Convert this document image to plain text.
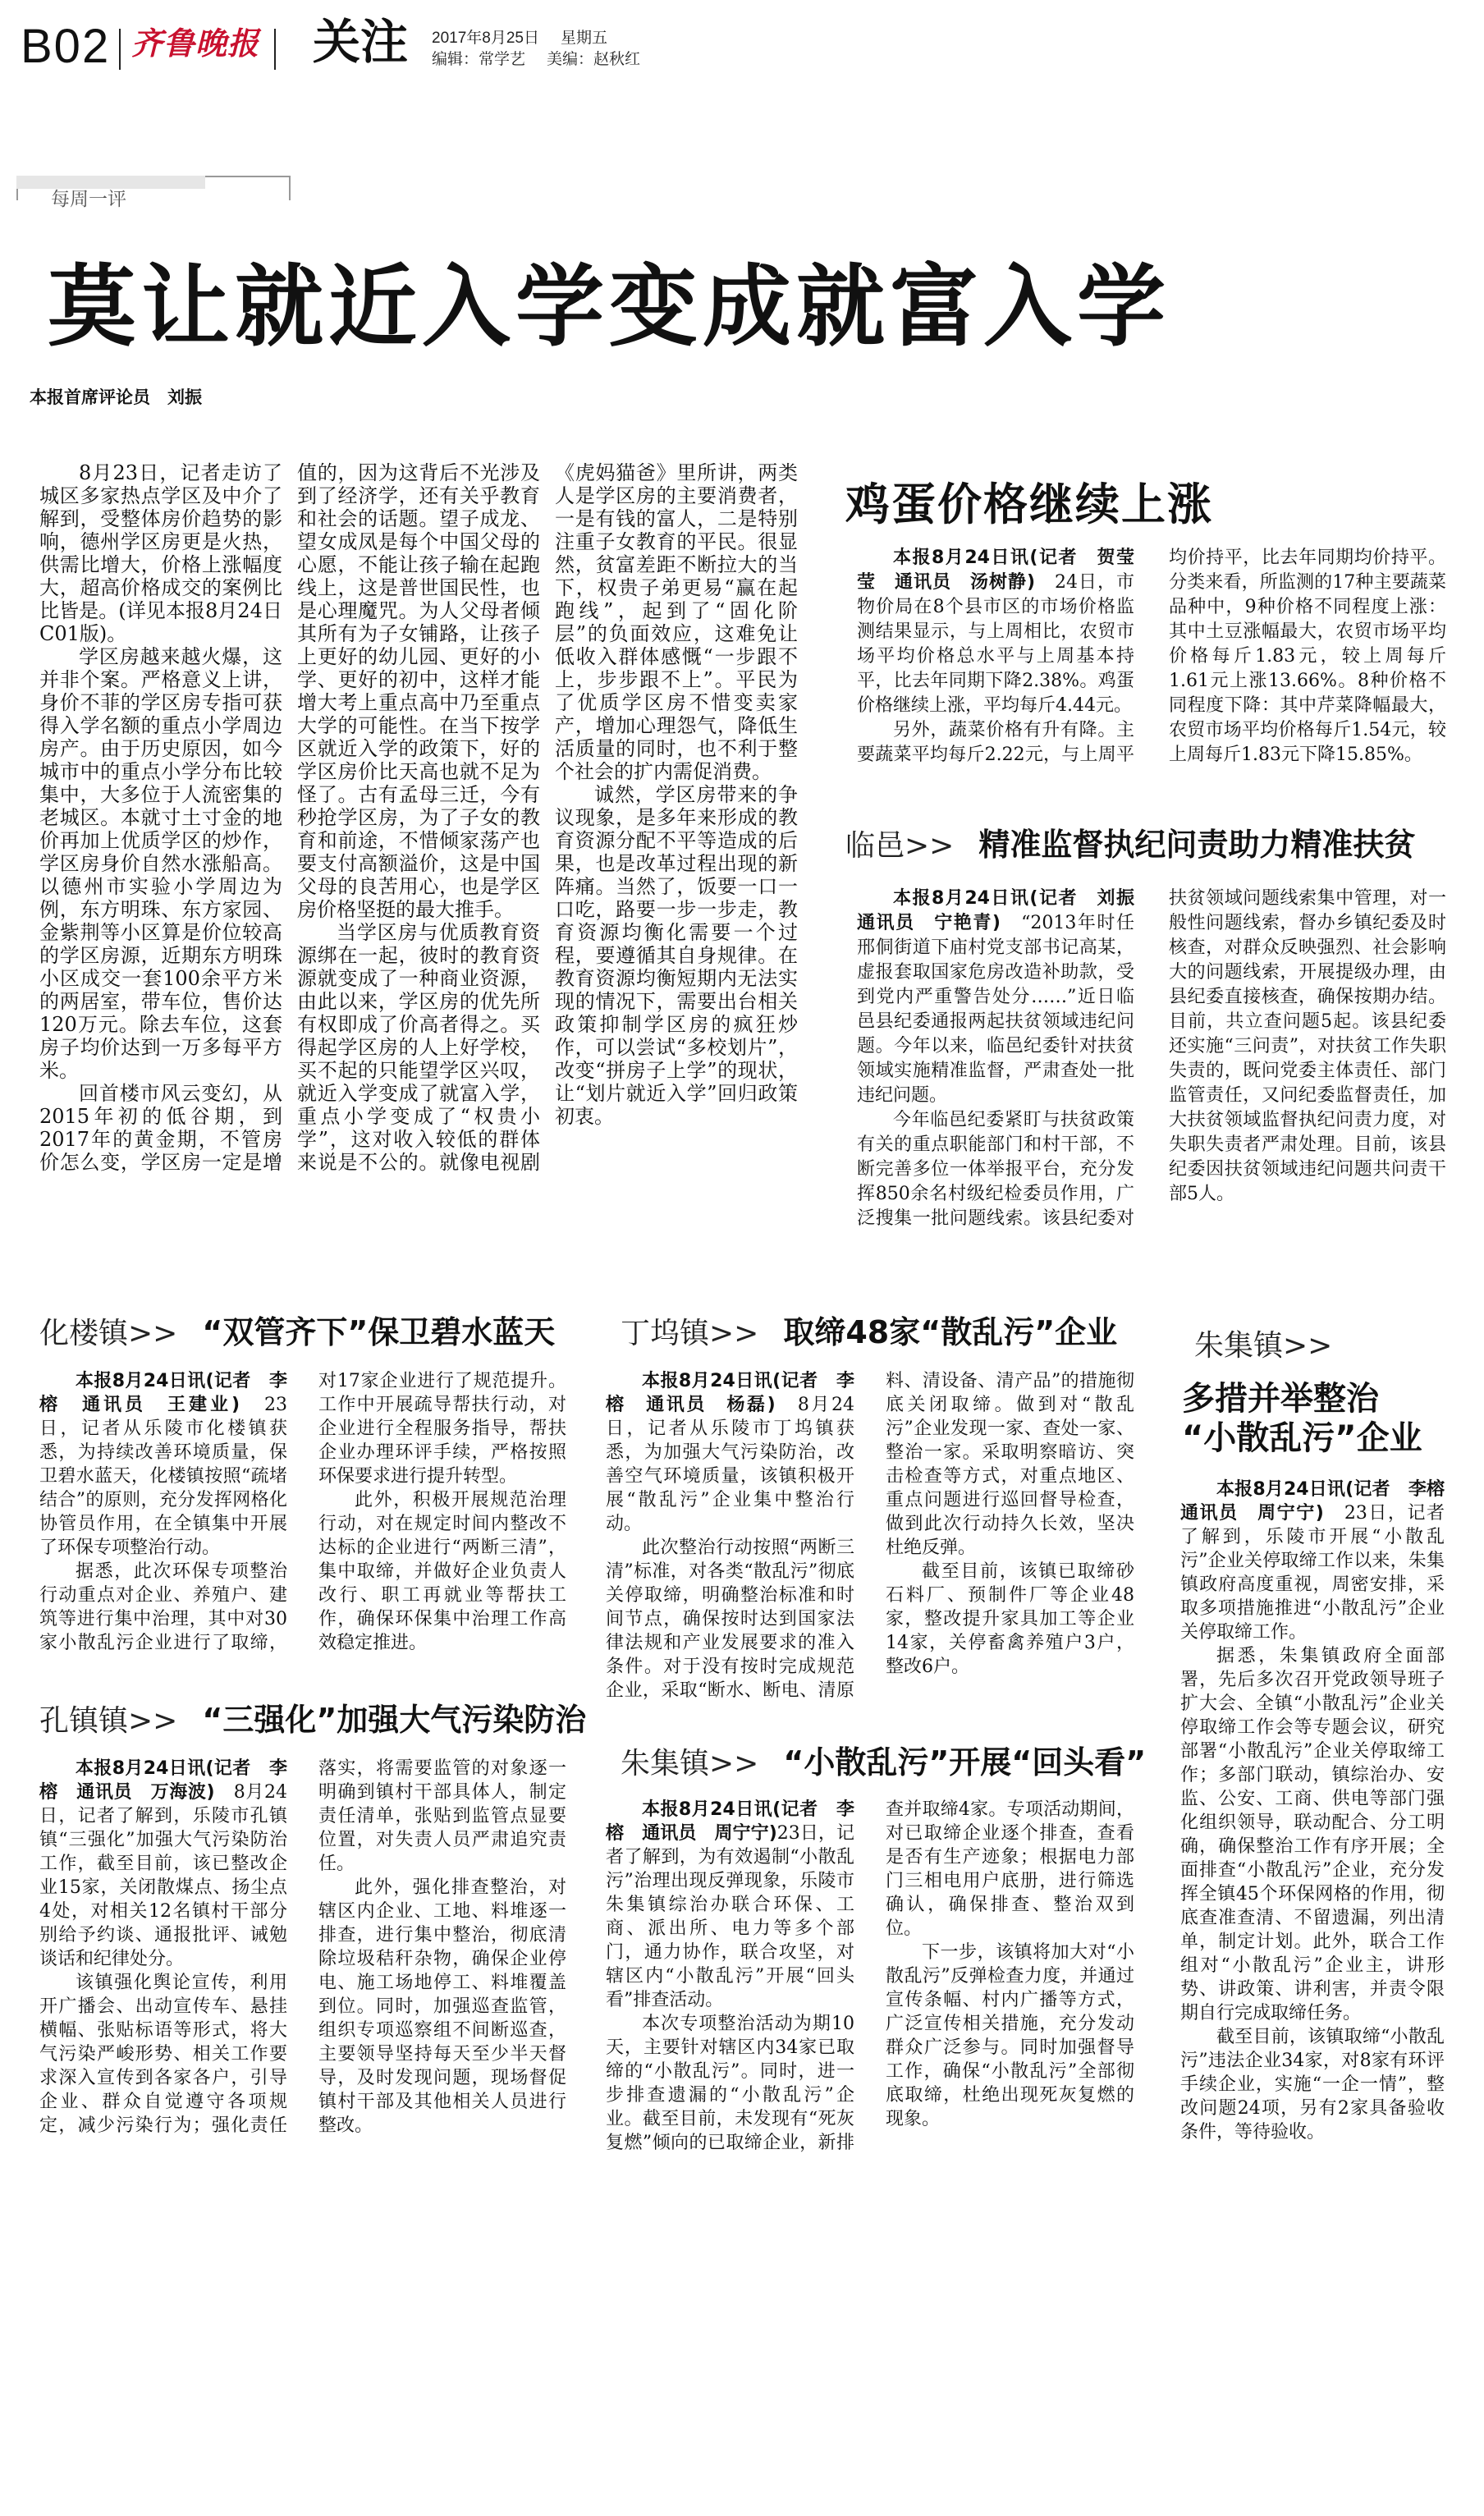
B02 齐鲁晚报 关注 2017年8月25日 星期五
编辑：常学艺 美编：赵秋红
每周一评
莫让就近入学变成就富入学
本报首席评论员　刘振

8月23日，记者走访了城区多家热点学区及中介了解到，受整体房价趋势的影响，德州学区房更是火热，供需比增大，价格上涨幅度大，超高价格成交的案例比比皆是。(详见本报8月24日C01版)。

学区房越来越火爆，这并非个案。严格意义上讲，身价不菲的学区房专指可获得入学名额的重点小学周边房产。由于历史原因，如今城市中的重点小学分布比较集中，大多位于人流密集的老城区。本就寸土寸金的地价再加上优质学区的炒作，学区房身价自然水涨船高。以德州市实验小学周边为例，东方明珠、东方家园、金紫荆等小区算是价位较高的学区房源，近期东方明珠小区成交一套100余平方米的两居室，带车位，售价达120万元。除去车位，这套房子均价达到一万多每平方米。

回首楼市风云变幻，从2015年初的低谷期，到2017年的黄金期，不管房价怎么变，学区房一定是增值的，因为这背后不光涉及到了经济学，还有关乎教育和社会的话题。望子成龙、望女成凤是每个中国父母的心愿，不能让孩子输在起跑线上，这是普世国民性，也是心理魔咒。为人父母者倾其所有为子女铺路，让孩子上更好的幼儿园、更好的小学、更好的初中，这样才能增大考上重点高中乃至重点大学的可能性。在当下按学区就近入学的政策下，好的学区房价比天高也就不足为怪了。古有孟母三迁，今有秒抢学区房，为了子女的教育和前途，不惜倾家荡产也要支付高额溢价，这是中国父母的良苦用心，也是学区房价格坚挺的最大推手。

当学区房与优质教育资源绑在一起，彼时的教育资源就变成了一种商业资源，由此以来，学区房的优先所有权即成了价高者得之。买得起学区房的人上好学校，买不起的只能望学区兴叹，就近入学变成了就富入学，重点小学变成了“权贵小学”，这对收入较低的群体来说是不公的。就像电视剧《虎妈猫爸》里所讲，两类人是学区房的主要消费者，一是有钱的富人，二是特别注重子女教育的平民。很显然，贫富差距不断拉大的当下，权贵子弟更易“赢在起跑线”，起到了“固化阶层”的负面效应，这难免让低收入群体感慨“一步跟不上，步步跟不上”。平民为了优质学区房不惜变卖家产，增加心理怨气，降低生活质量的同时，也不利于整个社会的扩内需促消费。

诚然，学区房带来的争议现象，是多年来形成的教育资源分配不平等造成的后果，也是改革过程出现的新阵痛。当然了，饭要一口一口吃，路要一步一步走，教育资源均衡化需要一个过程，要遵循其自身规律。在教育资源均衡短期内无法实现的情况下，需要出台相关政策抑制学区房的疯狂炒作，可以尝试“多校划片”，改变“拼房子上学”的现状，让“划片就近入学”回归政策初衷。

鸡蛋价格继续上涨

本报8月24日讯(记者　贺莹莹　通讯员　汤树静)　24日，市物价局在8个县市区的市场价格监测结果显示，与上周相比，农贸市场平均价格总水平与上周基本持平，比去年同期下降2.38%。鸡蛋价格继续上涨，平均每斤4.44元。

另外，蔬菜价格有升有降。主要蔬菜平均每斤2.22元，与上周平均价持平，比去年同期均价持平。分类来看，所监测的17种主要蔬菜品种中，9种价格不同程度上涨：其中土豆涨幅最大，农贸市场平均价格每斤1.83元，较上周每斤1.61元上涨13.66%。8种价格不同程度下降：其中芹菜降幅最大，农贸市场平均价格每斤1.54元，较上周每斤1.83元下降15.85%。

临邑>> 精准监督执纪问责助力精准扶贫

本报8月24日讯(记者　刘振　通讯员　宁艳青)　“2013年时任邢侗街道下庙村党支部书记高某，虚报套取国家危房改造补助款，受到党内严重警告处分……”近日临邑县纪委通报两起扶贫领域违纪问题。今年以来，临邑纪委针对扶贫领域实施精准监督，严肃查处一批违纪问题。

今年临邑纪委紧盯与扶贫政策有关的重点职能部门和村干部，不断完善多位一体举报平台，充分发挥850余名村级纪检委员作用，广泛搜集一批问题线索。该县纪委对扶贫领域问题线索集中管理，对一般性问题线索，督办乡镇纪委及时核查，对群众反映强烈、社会影响大的问题线索，开展提级办理，由县纪委直接核查，确保按期办结。目前，共立查问题5起。该县纪委还实施“三问责”，对扶贫工作失职失责的，既问党委主体责任、部门监管责任，又问纪委监督责任，加大扶贫领域监督执纪问责力度，对失职失责者严肃处理。目前，该县纪委因扶贫领域违纪问题共问责干部5人。

化楼镇>> “双管齐下”保卫碧水蓝天

本报8月24日讯(记者　李榕　通讯员　王建业)　23日，记者从乐陵市化楼镇获悉，为持续改善环境质量，保卫碧水蓝天，化楼镇按照“疏堵结合”的原则，充分发挥网格化协管员作用，在全镇集中开展了环保专项整治行动。

据悉，此次环保专项整治行动重点对企业、养殖户、建筑等进行集中治理，其中对30家小散乱污企业进行了取缔，对17家企业进行了规范提升。工作中开展疏导帮扶行动，对企业进行全程服务指导，帮扶企业办理环评手续，严格按照环保要求进行提升转型。

此外，积极开展规范治理行动，对在规定时间内整改不达标的企业进行“两断三清”，集中取缔，并做好企业负责人改行、职工再就业等帮扶工作，确保环保集中治理工作高效稳定推进。

孔镇镇>> “三强化”加强大气污染防治

本报8月24日讯(记者　李榕　通讯员　万海波)　8月24日，记者了解到，乐陵市孔镇镇“三强化”加强大气污染防治工作，截至目前，该已整改企业15家，关闭散煤点、扬尘点4处，对相关12名镇村干部分别给予约谈、通报批评、诫勉谈话和纪律处分。

该镇强化舆论宣传，利用开广播会、出动宣传车、悬挂横幅、张贴标语等形式，将大气污染严峻形势、相关工作要求深入宣传到各家各户，引导企业、群众自觉遵守各项规定，减少污染行为；强化责任落实，将需要监管的对象逐一明确到镇村干部具体人，制定责任清单，张贴到监管点显要位置，对失责人员严肃追究责任。

此外，强化排查整治，对辖区内企业、工地、料堆逐一排查，进行集中整治，彻底清除垃圾秸秆杂物，确保企业停电、施工场地停工、料堆覆盖到位。同时，加强巡查监管，组织专项巡察组不间断巡查，主要领导坚持每天至少半天督导，及时发现问题，现场督促镇村干部及其他相关人员进行整改。

丁坞镇>> 取缔48家“散乱污”企业

本报8月24日讯(记者　李榕　通讯员　杨磊)　8月24日，记者从乐陵市丁坞镇获悉，为加强大气污染防治，改善空气环境质量，该镇积极开展“散乱污”企业集中整治行动。

此次整治行动按照“两断三清”标准，对各类“散乱污”彻底关停取缔，明确整治标准和时间节点，确保按时达到国家法律法规和产业发展要求的准入条件。对于没有按时完成规范企业，采取“断水、断电、清原料、清设备、清产品”的措施彻底关闭取缔。做到对“散乱污”企业发现一家、查处一家、整治一家。采取明察暗访、突击检查等方式，对重点地区、重点问题进行巡回督导检查，做到此次行动持久长效，坚决杜绝反弹。

截至目前，该镇已取缔砂石料厂、预制件厂等企业48家，整改提升家具加工等企业14家，关停畜禽养殖户3户，整改6户。

朱集镇>> “小散乱污”开展“回头看”

本报8月24日讯(记者　李榕　通讯员　周宁宁)23日，记者了解到，为有效遏制“小散乱污”治理出现反弹现象，乐陵市朱集镇综治办联合环保、工商、派出所、电力等多个部门，通力协作，联合攻坚，对辖区内“小散乱污”开展“回头看”排查活动。

本次专项整治活动为期10天，主要针对辖区内34家已取缔的“小散乱污”。同时，进一步排查遗漏的“小散乱污”企业。截至目前，未发现有“死灰复燃”倾向的已取缔企业，新排查并取缔4家。专项活动期间，对已取缔企业逐个排查，查看是否有生产迹象；根据电力部门三相电用户底册，进行筛选确认，确保排查、整治双到位。

下一步，该镇将加大对“小散乱污”反弹检查力度，并通过宣传条幅、村内广播等方式，广泛宣传相关措施，充分发动群众广泛参与。同时加强督导工作，确保“小散乱污”全部彻底取缔，杜绝出现死灰复燃的现象。

朱集镇>>
多措并举整治
“小散乱污”企业

本报8月24日讯(记者　李榕　通讯员　周宁宁)　23日，记者了解到，乐陵市开展“小散乱污”企业关停取缔工作以来，朱集镇政府高度重视，周密安排，采取多项措施推进“小散乱污”企业关停取缔工作。

据悉，朱集镇政府全面部署，先后多次召开党政领导班子扩大会、全镇“小散乱污”企业关停取缔工作会等专题会议，研究部署“小散乱污”企业关停取缔工作；多部门联动，镇综治办、安监、公安、工商、供电等部门强化组织领导，联动配合、分工明确，确保整治工作有序开展；全面排查“小散乱污”企业，充分发挥全镇45个环保网格的作用，彻底查准查清、不留遗漏，列出清单，制定计划。此外，联合工作组对“小散乱污”企业主，讲形势、讲政策、讲利害，并责令限期自行完成取缔任务。

截至目前，该镇取缔“小散乱污”违法企业34家，对8家有环评手续企业，实施“一企一情”，整改问题24项，另有2家具备验收条件，等待验收。
